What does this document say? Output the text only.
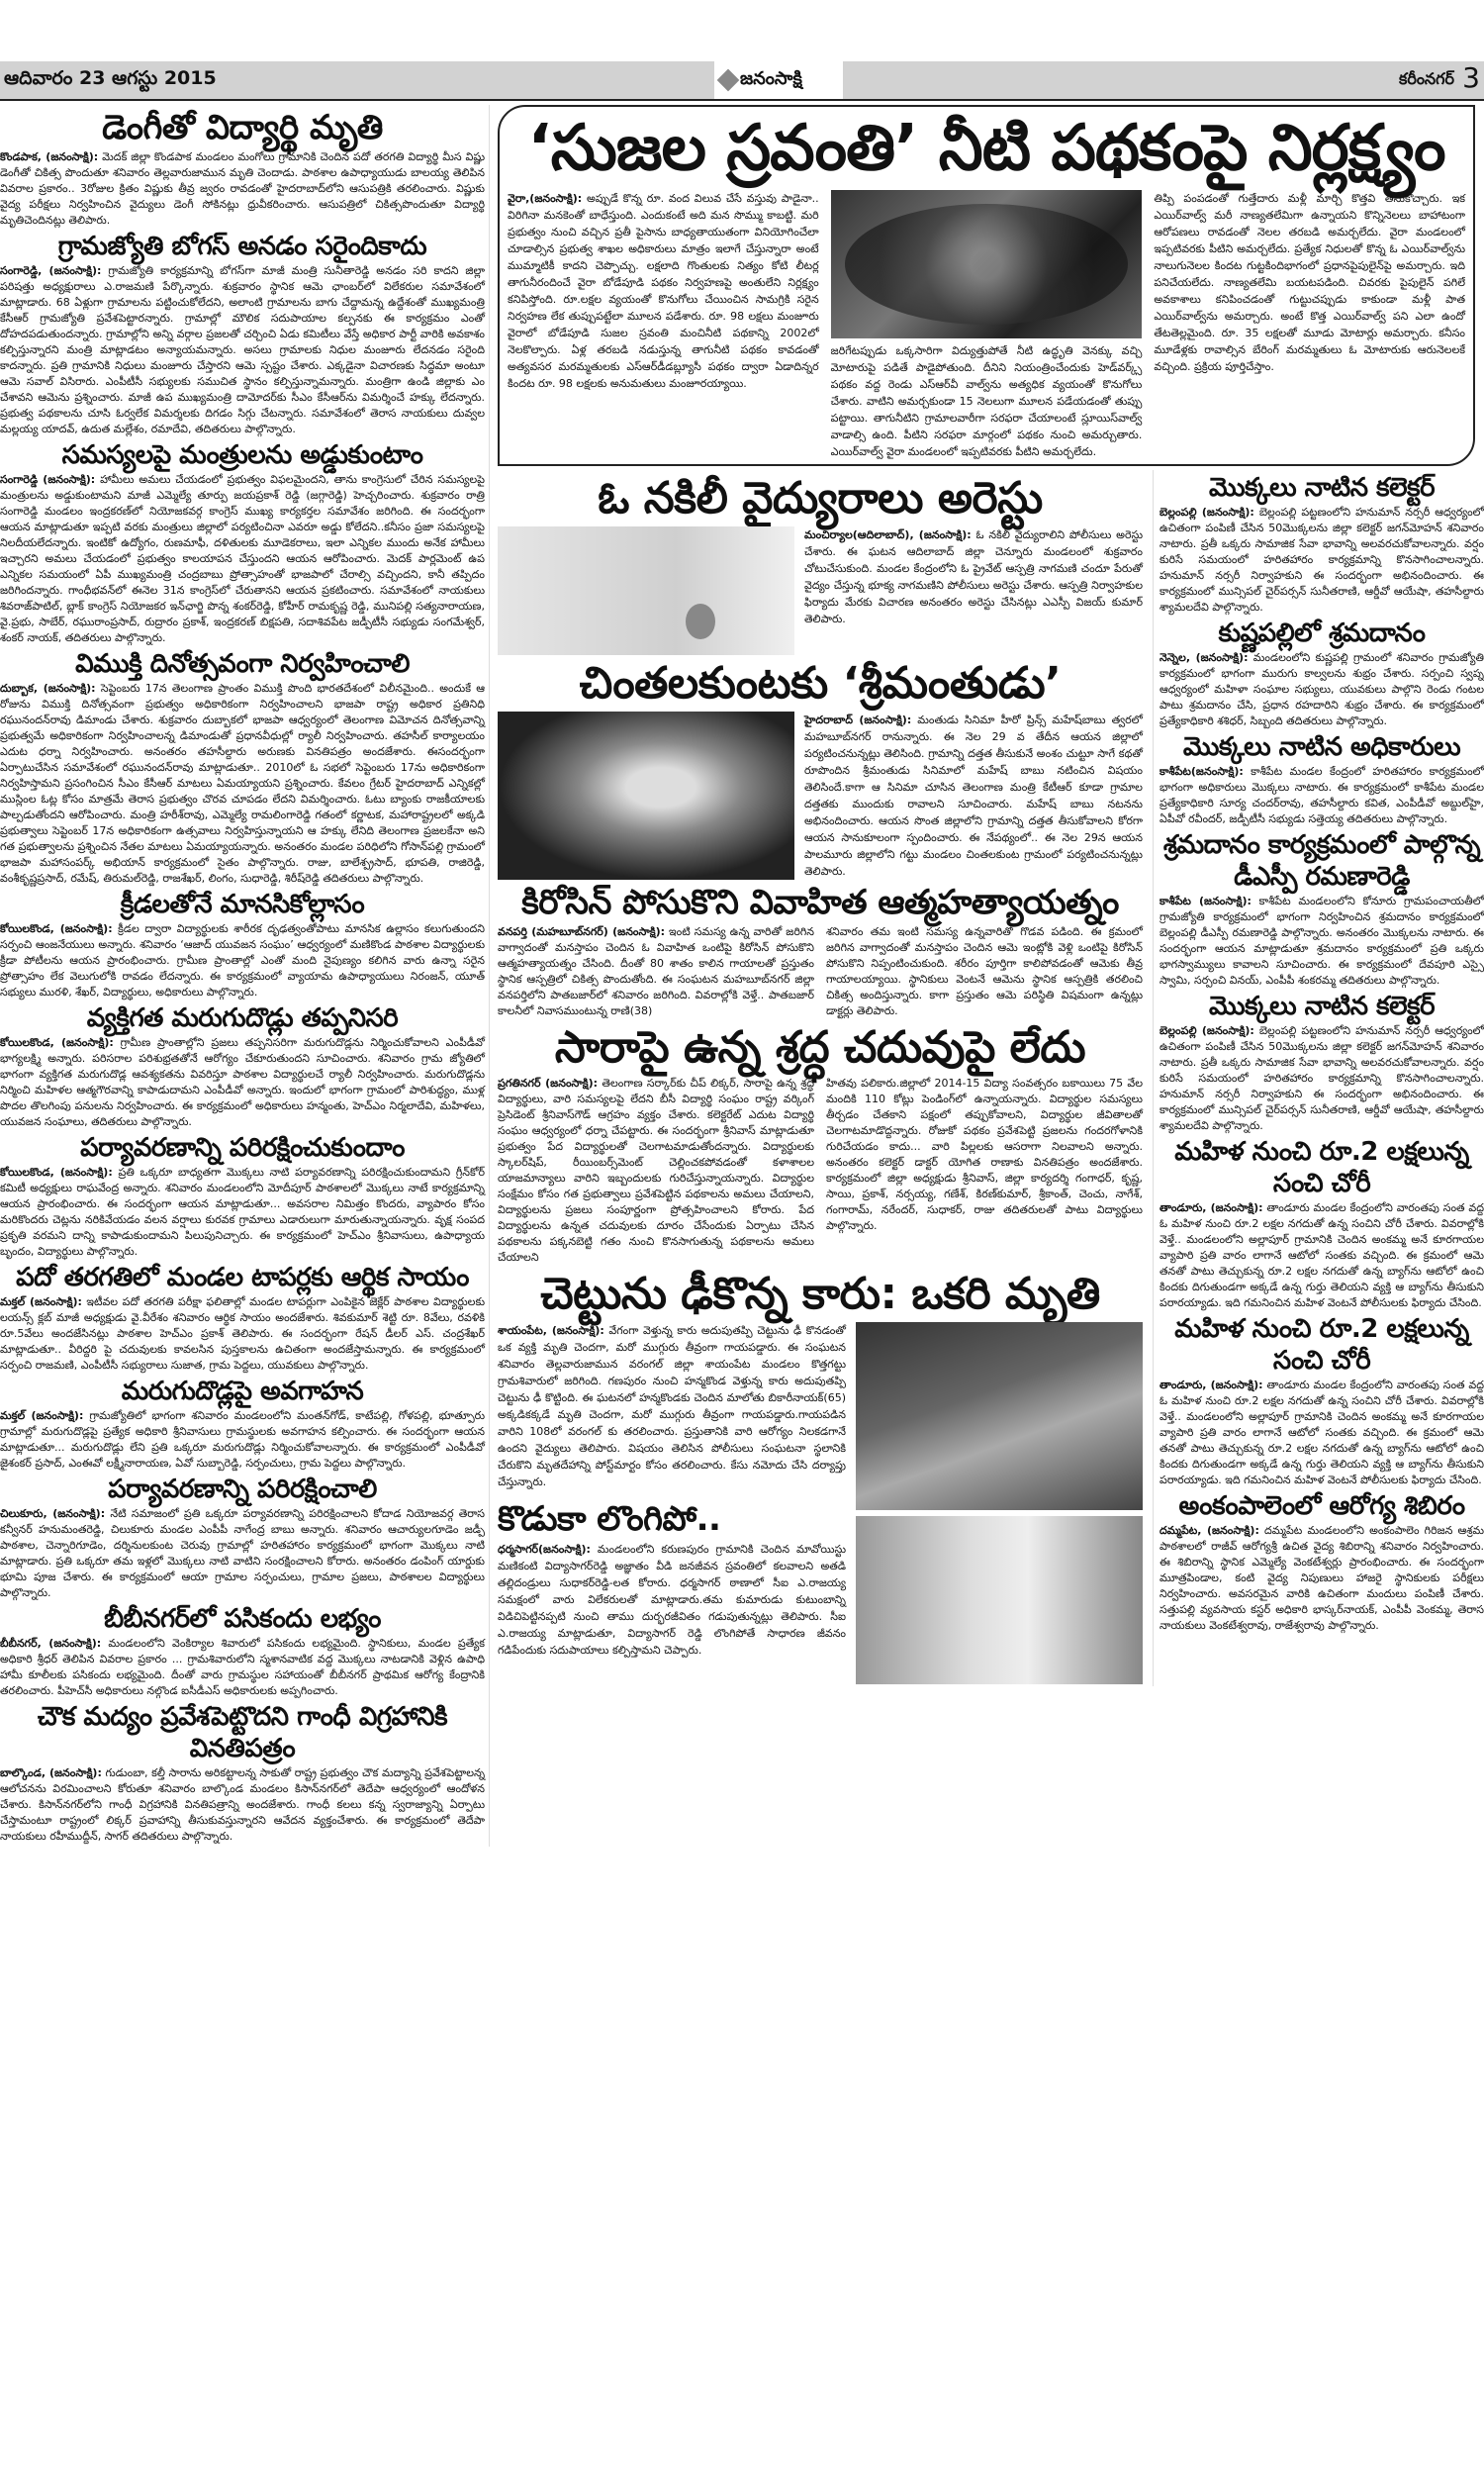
ఆదివారం 23 ఆగస్టు 2015	జనంసాక్షి	కరీంనగర్ 3
డెంగీతో విద్యార్థి మృతి
కొండపాక, (జనంసాక్షి): మెదక్ జిల్లా కొండపాక మండలం మంగోలు గ్రామానికి చెందిన పదో తరగతి విద్యార్థి మీస విష్ణు డెంగీతో చికిత్స పొందుతూ శనివారం తెల్లవారుజామున మృతి చెందాడు. పాఠశాల ఉపాధ్యాయుడు బాలయ్య తెలిపిన వివరాల ప్రకారం.. 3రోజుల క్రితం విష్ణుకు తీవ్ర జ్వరం రావడంతో హైదరాబాద్‌లోని ఆసుపత్రికి తరలించారు. విష్ణుకు వైద్య పరీక్షలు నిర్వహించిన వైద్యులు డెంగీ సోకినట్లు ధ్రువీకరించారు. ఆసుపత్రిలో చికిత్సపొందుతూ విద్యార్థి మృతిచెందినట్లు తెలిపారు.
గ్రామజ్యోతి బోగస్ అనడం సరైందికాదు
సంగారెడ్డి, (జనంసాక్షి): గ్రామజ్యోతి కార్యక్రమాన్ని బోగస్‌గా మాజీ మంత్రి సునీతారెడ్డి అనడం సరి కాదని జిల్లా పరిషత్తు అధ్యక్షురాలు ఎ.రాజమణి పేర్కొన్నారు. శుక్రవారం స్థానిక ఆమె ఛాంబర్‌లో విలేకరుల సమావేశంలో మాట్లాడారు. 68 ఏళ్లుగా గ్రామాలను పట్టించుకోలేదని, అలాంటి గ్రామాలను బాగు చేద్దామన్న ఉద్దేశంతో ముఖ్యమంత్రి కేసీఆర్ గ్రామజ్యోతి ప్రవేశపెట్టారన్నారు. గ్రామాల్లో మౌలిక సదుపాయాల కల్పనకు ఈ కార్యక్రమం ఎంతో దోహదపడుతుందన్నారు. గ్రామాల్లోని అన్ని వర్గాల ప్రజలతో చర్చించి ఏడు కమిటీలు వేస్తే అధికార పార్టీ వారికి అవకాశం కల్పిస్తున్నారని మంత్రి మాట్లాడటం అన్యాయమన్నారు. అసలు గ్రామాలకు నిధుల మంజూరు లేదనడం సరైంది కాదన్నారు. ప్రతి గ్రామానికి నిధులు మంజూరు చేస్తారని ఆమె స్పష్టం చేశారు. ఎక్కడైనా విచారణకు సిద్ధమా అంటూ ఆమె సవాల్ విసిరారు. ఎంపీటీసీ సభ్యులకు సముచిత స్థానం కల్పిస్తున్నామన్నారు. మంత్రిగా ఉండి జిల్లాకు ఎం చేశావని ఆమెను ప్రశ్నించారు. మాజీ ఉప ముఖ్యమంత్రి దామోదర్‌కు సీఎం కేసీఆర్‌ను విమర్శించే హక్కు లేదన్నారు. ప్రభుత్వ పథకాలను చూసి ఓర్వలేక విమర్శలకు దిగడం సిగ్గు చేటన్నారు. సమావేశంలో తెరాస నాయకులు దువ్వల మల్లయ్య యాదవ్, ఉదుత మల్లేశం, రమాదేవి, తదితరులు పాల్గొన్నారు.
సమస్యలపై మంత్రులను అడ్డుకుంటాం
సంగారెడ్డి (జనంసాక్షి): హామీలు అమలు చేయడంలో ప్రభుత్వం విఫలమైందని, తాను కాంగ్రెసులో చేరిన సమస్యలపై మంత్రులను అడ్డుకుంటామని మాజీ ఎమ్మెల్యే తూర్పు జయప్రకాశ్ రెడ్డి (జగ్గారెడ్డి) హెచ్చరించారు. శుక్రవారం రాత్రి సంగారెడ్డి మండలం ఇంద్రకరణ్‌లో నియోజకవర్గ కాంగ్రెస్ ముఖ్య కార్యకర్తల సమావేశం జరిగింది. ఈ సందర్భంగా ఆయన మాట్లాడుతూ ఇప్పటి వరకు మంత్రులు జిల్లాలో పర్యటించినా ఎవరూ అడ్డు కోలేదని..కనీసం ప్రజా సమస్యలపై నిలదీయలేదన్నారు. ఇంటికో ఉద్యోగం, రుణమాఫీ, దళితులకు మూడెకరాలు, ఇలా ఎన్నికల ముందు అనేక హామీలు ఇచ్చారని అమలు చేయడంలో ప్రభుత్వం కాలయాపన చేస్తుందని ఆయన ఆరోపించారు. మెదక్ పార్లమెంట్ ఉప ఎన్నికల సమయంలో ఏపీ ముఖ్యమంత్రి చంద్రబాబు ప్రోత్సాహంతో భాజపాలో చేరాల్సి వచ్చిందని, కానీ తప్పిదం జరిగిందన్నారు. గాంధీభవన్‌లో ఈనెల 31న కాంగ్రెస్‌లో చేరుతానని ఆయన ప్రకటించారు. సమావేశంలో నాయకులు శివరాజ్‌పాటిల్, బ్లాక్ కాంగ్రెస్ నియోజకర ఇన్‌ఛార్జి పొన్న శంకర్‌రెడ్డి, కోహీర్ రామకృష్ణ రెడ్డి, మునిపల్లి సత్యనారాయణ, వై.ప్రభు, సాబేర్, రఘురాంప్రసాద్, రుద్రారం ప్రకాశ్, ఇంద్రకరణ్ బిక్షపతి, సదాశివపేట జడ్పీటీసీ సభ్యుడు సంగమేశ్వర్, శంకర్ నాయక్, తదితరులు పాల్గొన్నారు.
విముక్తి దినోత్సవంగా నిర్వహించాలి
దుబ్బాక, (జనంసాక్షి): సెప్టెంబరు 17న తెలంగాణ ప్రాంతం విముక్తి పొంది భారతదేశంలో విలీనమైంది.. అందుకే ఆ రోజును విముక్తి దినోత్సవంగా ప్రభుత్వం అధికారికంగా నిర్వహించాలని భాజపా రాష్ట్ర అధికార ప్రతినిధి రఘునందన్‌రావు డిమాండు చేశారు. శుక్రవారం దుబ్బాకలో భాజపా ఆధ్వర్యంలో తెలంగాణ విమోచన దినోత్సవాన్ని ప్రభుత్వమే అధికారికంగా నిర్వహించాలన్న డిమాండుతో ప్రధానవీధుల్లో ర్యాలీ నిర్వహించారు. తహసీల్ కార్యాలయం ఎదుట ధర్నా నిర్వహించారు. అనంతరం తహసీల్దారు అరుణకు వినతిపత్రం అందజేశారు. ఈసందర్భంగా ఏర్పాటుచేసిన సమావేశంలో రఘునందన్‌రావు మాట్లాడుతూ.. 2010లో ఓ సభలో సెప్టెంబరు 17ను అధికారికంగా నిర్వహిస్తామని ప్రసంగించిన సీఎం కేసీఆర్ మాటలు ఏమయ్యాయని ప్రశ్నించారు. కేవలం గ్రేటర్ హైదరాబాద్ ఎన్నికల్లో ముస్లింల ఓట్ల కోసం మాత్రమే తెరాస ప్రభుత్వం చొరవ చూపడం లేదని విమర్శించారు. ఓటు బ్యాంకు రాజకీయాలకు పాల్పడుతోందని ఆరోపించారు. మంత్రి హరీశ్‌రావు, ఎమ్మెల్యే రామలింగారెడ్డి గతంలో కర్ణాటక, మహారాష్ట్రలలో అక్కడి ప్రభుత్వాలు సెప్టెంబర్ 17న అధికారికంగా ఉత్సవాలు నిర్వహిస్తున్నాయని ఆ హక్కు లేనిది తెలంగాణ ప్రజలకేనా అని గత ప్రభుత్వాలను ప్రశ్నించిన నేతల మాటలు ఏమయ్యాయన్నారు. అనంతరం మండల పరిధిలోని గోసాన్‌పల్లి గ్రామంలో భాజపా మహాసంపర్క్ అభియాన్ కార్యక్రమంలో సైతం పాల్గొన్నారు. రాజు, బాలేశ్ప్రసాద్, భూపతి, రాజిరెడ్డి, వంశీకృష్ణప్రసాద్, రమేష్, తిరుమల్‌రెడ్డి, రాజశేఖర్, లింగం, సుధారెడ్డి, శిరీష్‌రెడ్డి తదితరులు పాల్గొన్నారు.
క్రీడలతోనే మానసికోల్లాసం
కోయిలకొండ, (జనంసాక్షి): క్రీడల ద్వారా విద్యార్థులకు శారీరక దృఢత్వంతోపాటు మానసిక ఉల్లాసం కలుగుతుందని సర్పంచి ఆంజనేయులు అన్నారు. శనివారం ‘ఆజాద్ యువజన సంఘం’ ఆధ్వర్యంలో మణికొండ పాఠశాల విద్యార్థులకు క్రీడా పోటీలను ఆయన ప్రారంభించారు. గ్రామీణ ప్రాంతాల్లో ఎంతో మంది నైపుణ్యం కలిగిన వారు ఉన్నా సరైన ప్రోత్సాహం లేక వెలుగులోకి రావడం లేదన్నారు. ఈ కార్యక్రమంలో వ్యాయామ ఉపాధ్యాయులు నిరంజన్, యూత్ సభ్యులు మురళి, శేఖర్, విద్యార్థులు, అధికారులు పాల్గొన్నారు.
వ్యక్తిగత మరుగుదొడ్లు తప్పనిసరి
కోయిలకొండ, (జనంసాక్షి): గ్రామీణ ప్రాంతాల్లోని ప్రజలు తప్పనిసరిగా మరుగుదొడ్లను నిర్మించుకోవాలని ఎంపీడీవో భాగ్యలక్ష్మి అన్నారు. పరిసరాల పరిశుభ్రతతోనే ఆరోగ్యం చేకూరుతుందని సూచించారు. శనివారం గ్రామ జ్యోతిలో భాగంగా వ్యక్తిగత మరుగుదొడ్ల ఆవశ్యకతను వివరిస్తూ పాఠశాల విద్యార్థులచే ర్యాలీ నిర్వహించారు. మరుగుదొడ్లను నిర్మించి మహిళల ఆత్మగౌరవాన్ని కాపాడుదామని ఎంపీడీవో అన్నారు. ఇందులో భాగంగా గ్రామంలో పారిశుద్ధ్యం, ముళ్ల పొదల తొలగింపు పనులను నిర్వహించారు. ఈ కార్యక్రమంలో అధికారులు హన్మంతు, హెచ్‌ఎం నిర్మలాదేవి, మహిళలు, యువజన సంఘాలు, తదితరులు పాల్గొన్నారు.
పర్యావరణాన్ని పరిరక్షించుకుందాం
కోయిలకొండ, (జనంసాక్షి): ప్రతి ఒక్కరూ బాధ్యతగా మొక్కలు నాటి పర్యావరణాన్ని పరిరక్షించుకుందామని గ్రీన్‌కోర్ కమిటీ అధ్యక్షులు రాఘవేంద్ర అన్నారు. శనివారం మండలంలోని మోదీపూర్ పాఠశాలలో మొక్కలు నాటే కార్యక్రమాన్ని ఆయన ప్రారంభించారు. ఈ సందర్భంగా ఆయన మాట్లాడుతూ... అవసరాల నిమిత్తం కొందరు, వ్యాపారం కోసం మరికొందరు చెట్లను నరికివేయడం వలన వర్షాలు కురవక గ్రామాలు ఎడారులుగా మారుతున్నాయన్నారు. వృక్ష సంపద ప్రకృతి వరమని దాన్ని కాపాడుకుందామని పిలుపునిచ్చారు. ఈ కార్యక్రమంలో హెచ్‌ఎం శ్రీనివాసులు, ఉపాధ్యాయ బృందం, విద్యార్థులు పాల్గొన్నారు.
పదో తరగతిలో మండల టాపర్లకు ఆర్థిక సాయం
మక్తల్ (జనంసాక్షి): ఇటీవల పదో తరగతి పరీక్షా ఫలితాల్లో మండల టాపర్లుగా ఎంపికైన జెక్లేర్ పాఠశాల విద్యార్థులకు లయన్స్ క్లబ్ మాజీ అధ్యక్షుడు వై.వీరేశం శనివారం ఆర్థిక సాయం అందజేశారు. శివకుమార్ శెట్టి రూ. 8వేలు, రవళికి రూ.5వేలు అందజేసినట్లు పాఠశాల హెచ్‌ఎం ప్రకాశ్ తెలిపారు. ఈ సందర్భంగా రేషన్ డీలర్ ఎస్. చంద్రశేఖర్ మాట్లాడుతూ.. వీరిద్దరి పై చదువులకు కావలసిన పుస్తకాలను ఉచితంగా అందజేస్తామన్నారు. ఈ కార్యక్రమంలో సర్పంచి రాజమణి, ఎంపీటీసీ సభ్యురాలు సుజాత, గ్రామ పెద్దలు, యువకులు పాల్గొన్నారు.
మరుగుదొడ్లపై అవగాహన
మక్తల్ (జనంసాక్షి): గ్రామజ్యోతిలో భాగంగా శనివారం మండలంలోని మంతన్‌గోడ్, కాటేపల్లి, గోళపల్లి, భూత్పూరు గ్రామాల్లో మరుగుదొడ్లపై ప్రత్యేక అధికారి శ్రీనివాసులు గ్రామస్థులకు అవగాహన కల్పించారు. ఈ సందర్భంగా ఆయన మాట్లాడుతూ... మరుగుదొడ్లు లేని ప్రతి ఒక్కరూ మరుగుదొడ్లు నిర్మించుకోవాలన్నారు. ఈ కార్యక్రమంలో ఎంపీడీవో జైశంకర్ ప్రసాద్, ఎంఈవో లక్ష్మీనారాయణ, ఏవో సుబ్బారెడ్డి, సర్పంచులు, గ్రామ పెద్దలు పాల్గొన్నారు.
పర్యావరణాన్ని పరిరక్షించాలి
చిలుకూరు, (జనంసాక్షి): నేటి సమాజంలో ప్రతి ఒక్కరూ పర్యావరణాన్ని పరిరక్షించాలని కోదాడ నియోజవర్గ తెరాస కన్వీనర్ హనుమంతరెడ్డి, చిలుకూరు మండల ఎంపీపీ నాగేంద్ర బాబు అన్నారు. శనివారం ఆచార్యులగూడెం జడ్పీ పాఠశాల, చెన్నారిగూడెం, దర్శినులకుంట చెరువు గ్రామాల్లో హరితహారం కార్యక్రమంలో భాగంగా మొక్కలు నాటి మాట్లాడారు. ప్రతి ఒక్కరూ తమ ఇళ్లలో మొక్కలు నాటి వాటిని సంరక్షించాలని కోరారు. అనంతరం డంపింగ్ యార్డుకు భూమి పూజ చేశారు. ఈ కార్యక్రమంలో ఆయా గ్రామాల సర్పంచులు, గ్రామాల ప్రజలు, పాఠశాలల విద్యార్థులు పాల్గొన్నారు.
బీబీనగర్‌లో పసికందు లభ్యం
బీబీనగర్, (జనంసాక్షి): మండలంలోని వెంకిర్యాల శివారులో పసికందు లభ్యమైంది. స్థానికులు, మండల ప్రత్యేక అధికారి శ్రీధర్ తెలిపిన వివరాల ప్రకారం ... గ్రామశివారులోని స్మశానవాటిక వద్ద మొక్కలు నాటడానికి వెళ్లిన ఉపాధి హామీ కూలీలకు పసికందు లభ్యమైంది. దీంతో వారు గ్రామస్థుల సహాయంతో బీబీనగర్ ప్రాథమిక ఆరోగ్య కేంద్రానికి తరలించారు. పీహెచ్‌సీ అధికారులు నల్గొండ ఐసీడీఎస్ అధికారులకు అప్పగించారు.
చౌక మద్యం ప్రవేశపెట్టొదని గాంధీ విగ్రహానికి వినతిపత్రం
బాల్కొండ, (జనంసాక్షి): గుడుంబా, కల్తీ సారాను అరికట్టాలన్న సాకుతో రాష్ట్ర ప్రభుత్వం చౌక మద్యాన్ని ప్రవేశపెట్టాలన్న ఆలోచనను విరమించాలని కోరుతూ శనివారం బాల్కొండ మండలం కిసాన్‌నగర్‌లో తెదేపా ఆధ్వర్యంలో ఆందోళన చేశారు. కిసాన్‌నగర్‌లోని గాంధీ విగ్రహానికి వినతిపత్రాన్ని అందజేశారు. గాంధీ కలలు కన్న స్వరాజ్యాన్ని ఏర్పాటు చేస్తామంటూ రాష్ట్రంలో లిక్కర్ ప్రవాహాన్ని తీసుకువస్తున్నారని ఆవేదన వ్యక్తంచేశారు. ఈ కార్యక్రమంలో తెదేపా నాయకులు రహీముద్దీన్, సాగర్ తదితరులు పాల్గొన్నారు.
‘సుజల స్రవంతి’ నీటి పథకంపై నిర్లక్ష్యం
వైరా,(జనంసాక్షి): అప్పుడే కొన్న రూ. వంద విలువ చేసే వస్తువు పాడైనా.. విరిగినా మనకెంతో బాధేస్తుంది. ఎందుకంటే అది మన సొమ్ము కాబట్టి. మరి ప్రభుత్వం నుంచి వచ్చిన ప్రతీ పైసాను బాధ్యతాయుతంగా వినియోగించేలా చూడాల్సిన ప్రభుత్వ శాఖల అధికారులు మాత్రం ఇలాగే చేస్తున్నారా అంటే ముమ్మాటికీ కాదని చెప్పొచ్చు. లక్షలాది గొంతులకు నిత్యం కోటి లీటర్ల తాగునీరందించే వైరా బోడేపూడి పథకం నిర్వహణపై అంతులేని నిర్లక్ష్యం కనిపిస్తోంది. రూ.లక్షల వ్యయంతో కొనుగోలు చేయించిన సామగ్రికి సరైన నిర్వహణ లేక తుప్పుపట్టేలా మూలన పడేశారు. రూ. 98 లక్షలు మంజూరు వైరాలో బోడేపూడి సుజల స్రవంతి మంచినీటి పథకాన్ని 2002లో నెలకొల్పారు. ఏళ్ల తరబడి నడుస్తున్న తాగునీటి పథకం కావడంతో అత్యవసర మరమ్మతులకు ఎస్‌ఆర్‌డీడబ్ల్యూసీ పథకం ద్వారా ఏడాదిన్నర కిందట రూ. 98 లక్షలకు అనుమతులు మంజూరయ్యాయి.
జరిగేటప్పుడు ఒక్కసారిగా విద్యుత్తుపోతే నీటి ఉద్ధృతి వెనక్కు వచ్చి మోటారుపై పడితే పాడైపోతుంది. దీనిని నియంత్రించేందుకు హెడ్‌వర్క్స్ పథకం వద్ద రెండు ఎస్‌ఆర్‌వీ వాల్వ్‌ను అత్యధిక వ్యయంతో కొనుగోలు చేశారు. వాటిని అమర్చకుండా 15 నెలలుగా మూలన పడేయడంతో తుప్పు పట్టాయి. తాగునీటిని గ్రామాలవారీగా సరఫరా చేయాలంటే స్లూయిస్‌వాల్వ్ వాడాల్సి ఉంది. పీటిని సరఫరా మార్గంలో పథకం నుంచి అమర్చుతారు. ఎయిర్‌వాల్వ్ వైరా మండలంలో ఇప్పటివరకు పీటిని అమర్చలేదు.
తిప్పి పంపడంతో గుత్తేదారు మళ్లీ మార్చి కొత్తవి తీసుకొచ్చారు. ఇక ఎయిర్‌వాల్వ్ మరీ నాణ్యతలేమిగా ఉన్నాయని కొన్నినెలలు బాహాటంగా ఆరోపణలు రావడంతో నెలల తరబడి అమర్చలేదు. వైరా మండలంలో ఇప్పటివరకు పీటిని అమర్చలేదు. ప్రత్యేక నిధులతో కొన్న ఓ ఎయిర్‌వాల్వ్‌ను నాలుగునెలల కిందట గుట్టకిందిభాగంలో ప్రధానపైపులైన్‌పై అమర్చారు. ఇది పనిచేయలేదు. నాణ్యతలేమి బయటపడింది. చివరకు పైపులైన్ పగిలే అవకాశాలు కనిపించడంతో గుట్టుచప్పుడు కాకుండా మళ్లీ పాత ఎయిర్‌వాల్వ్‌ను అమర్చారు. అంటే కొత్త ఎయిర్‌వాల్వ్ పని ఎలా ఉందో తేటతెల్లమైంది. రూ. 35 లక్షలతో మూడు మోటార్లు అమర్చారు. కనీసం మూడేళ్లకు రావాల్సిన బేరింగ్ మరమ్మతులు ఓ మోటారుకు ఆరునెలలకే వచ్చింది. ప్రక్రియ పూర్తిచేస్తాం.
ఓ నకిలీ వైద్యురాలు అరెస్టు
మంచిర్యాల(ఆదిలాబాద్), (జనంసాక్షి): ఓ నకిలీ వైద్యురాలిని పోలీసులు అరెస్టు చేశారు. ఈ ఘటన ఆదిలాబాద్ జిల్లా చెన్నూరు మండలంలో శుక్రవారం చోటుచేసుకుంది. మండల కేంద్రంలోని ఓ ప్రైవేట్ ఆస్పత్రి నాగమణి చందూ పేరుతో వైద్యం చేస్తున్న భూక్య నాగమణిని పోలీసులు అరెస్టు చేశారు. ఆస్పత్రి నిర్వాహకుల ఫిర్యాదు మేరకు విచారణ అనంతరం అరెస్టు చేసినట్లు ఎఎస్పీ విజయ్ కుమార్ తెలిపారు.
చింతలకుంటకు ‘శ్రీమంతుడు’
హైదరాబాద్ (జనంసాక్షి): మంతుడు సినిమా హీరో ప్రిన్స్ మహేష్‌బాబు త్వరలో మహబూబ్‌నగర్ రానున్నారు. ఈ నెల 29 వ తేదీన ఆయన జిల్లాలో పర్యటించనున్నట్లు తెలిసింది. గ్రామాన్ని దత్తత తీసుకునే అంశం చుట్టూ సాగే కథతో రూపొందిన శ్రీమంతుడు సినిమాలో మహేష్ బాబు నటించిన విషయం తెలిసిందే.కాగా ఆ సినిమా చూసిన తెలంగాణ మంత్రి కేటీఆర్ కూడా గ్రామాల దత్తతకు ముందుకు రావాలని సూచించారు. మహేష్ బాబు నటనను అభినందించారు. ఆయన సొంత జిల్లాలోని గ్రామాన్ని దత్తత తీసుకోవాలని కోరగా ఆయన సానుకూలంగా స్పందించారు. ఈ నేపథ్యంలో.. ఈ నెల 29న ఆయన పాలమూరు జిల్లాలోని గట్టు మండలం చింతలకుంట గ్రామంలో పర్యటించనున్నట్లు తెలిపారు.
కిరోసిన్ పోసుకొని వివాహిత ఆత్మహత్యాయత్నం
వనపర్తి (మహబూబ్‌నగర్) (జనంసాక్షి): ఇంటి సమస్య ఉన్న వారితో జరిగిన వాగ్వాదంతో మనస్తాపం చెందిన ఓ వివాహిత ఒంటిపై కిరోసిన్ పోసుకొని ఆత్మహత్యాయత్నం చేసింది. దీంతో 80 శాతం కాలిన గాయాలతో ప్రస్తుతం స్థానిక ఆస్పత్రిలో చికిత్స పొందుతోంది. ఈ సంఘటన మహబూబ్‌నగర్ జిల్లా వనపర్తిలోని పాతబజార్‌లో శనివారం జరిగింది. వివరాల్లోకి వెళ్తే.. పాతబజార్ కాలనీలో నివాసముంటున్న రాణి(38)
శనివారం తమ ఇంటి సమస్య ఉన్నవారితో గొడవ పడింది. ఈ క్రమంలో జరిగిన వాగ్వాదంతో మనస్తాపం చెందిన ఆమె ఇంట్లోకి వెళ్లి ఒంటిపై కిరోసిన్ పోసుకొని నిప్పంటించుకుంది. శరీరం పూర్తిగా కాలిపోవడంతో ఆమెకు తీవ్ర గాయాలయ్యాయి. స్థానికులు వెంటనే ఆమెను స్థానిక ఆస్పత్రికి తరలించి చికిత్స అందిస్తున్నారు. కాగా ప్రస్తుతం ఆమె పరిస్థితి విషమంగా ఉన్నట్లు డాక్టర్లు తెలిపారు.
సారాపై ఉన్న శ్రద్ధ చదువుపై లేదు
ప్రగతినగర్ (జనంసాక్షి): తెలంగాణ సర్కార్‌కు చీప్ లిక్కర్, సారాపై ఉన్న శ్రద్ధ విద్యార్థులు, వారి సమస్యలపై లేదని బీసీ విద్యార్థి సంఘం రాష్ట్ర వర్కింగ్ ప్రెసిడెంట్ శ్రీనివాస్‌గౌడ్ ఆగ్రహం వ్యక్తం చేశారు. కలెక్టరేట్ ఎదుట విద్యార్థి సంఘం ఆధ్వర్యంలో ధర్నా చేపట్టారు. ఈ సందర్భంగా శ్రీనివాస్ మాట్లాడుతూ ప్రభుత్వం పేద విద్యార్థులతో చెలగాటమాడుతోందన్నారు. విద్యార్థులకు స్కాలర్‌షిప్, రీయింబర్స్‌మెంట్ చెల్లించకపోవడంతో కళాశాలల యాజమాన్యాలు వారిని ఇబ్బందులకు గురిచేస్తున్నాయన్నారు. విద్యార్థుల సంక్షేమం కోసం గత ప్రభుత్వాలు ప్రవేశపెట్టిన పథకాలను అమలు చేయాలని, విద్యార్థులను ప్రజలు సంపూర్ణంగా ప్రోత్సహించాలని కోరారు. పేద విద్యార్థులను ఉన్నత చదువులకు దూరం చేసేందుకు ఏర్పాటు చేసిన పథకాలను పక్కనబెట్టి గతం నుంచి కొనసాగుతున్న పథకాలను అమలు చేయాలని
హితవు పలికారు.జిల్లాలో 2014-15 విద్యా సంవత్సరం బకాయిలు 75 వేల మందికి 110 కోట్లు పెండింగ్‌లో ఉన్నాయన్నారు. విద్యార్థుల సమస్యలు తీర్చడం చేతకాని పక్షంలో తప్పుకోవాలని, విద్యార్థుల జీవితాలతో చెలగాటమాడొద్దన్నారు. రోజుకో పథకం ప్రవేశపెట్టి ప్రజలను గందరగోళానికి గురిచేయడం కాదు... వారి పిల్లలకు ఆసరాగా నిలవాలని అన్నారు. అనంతరం కలెక్టర్ డాక్టర్ యోగిత రాణాకు వినతిపత్రం అందజేశారు. కార్యక్రమంలో జిల్లా అధ్యక్షుడు శ్రీనివాస్, జిల్లా కార్యదర్శి గంగాధర్, కృష్ణ, సాయి, ప్రకాశ్, నర్సయ్య, గణేశ్, కిరణ్‌కుమార్, శ్రీకాంత్, చెంచు, నాగేశ్, గంగారామ్, నరేందర్, సుధాకర్, రాజు తదితరులతో పాటు విద్యార్థులు పాల్గొన్నారు.
చెట్టును ఢీకొన్న కారు: ఒకరి మృతి
శాయంపేట, (జనంసాక్షి): వేగంగా వెళ్తున్న కారు అదుపుతప్పి చెట్టును ఢీ కొనడంతో ఒక వ్యక్తి మృతి చెందగా, మరో ముగ్గురు తీవ్రంగా గాయపడ్డారు. ఈ సంఘటన శనివారం తెల్లవారుజామున వరంగల్ జిల్లా శాయంపేట మండలం కొత్తగట్టు గ్రామశివారులో జరిగింది. గణపురం నుంచి హన్మకొండ వెళ్తున్న కారు అదుపుతప్పి చెట్టును ఢీ కొట్టింది. ఈ ఘటనలో హన్మకొండకు చెందిన మాలోతు బికారీనాయక్(65) అక్కడికక్కడే మృతి చెందగా, మరో ముగ్గురు తీవ్రంగా గాయపడ్డారు.గాయపడిన వారిని 108లో వరంగల్ కు తరలించారు. ప్రస్తుతానికి వారి ఆరోగ్యం నిలకడగానే ఉందని వైద్యులు తెలిపారు. విషయం తెలిసిన పోలీసులు సంఘటనా స్థలానికి చేరుకొని మృతదేహాన్ని పోస్ట్‌మార్టం కోసం తరలించారు. కేసు నమోదు చేసి దర్యాప్తు చేస్తున్నారు.
కొడుకా లొంగిపో..
ధర్మసాగర్(జనంసాక్షి): మండలంలోని కరుణపురం గ్రామానికి చెందిన మావోయిస్టు మణికంటి విద్యాసాగర్‌రెడ్డి అజ్ఞాతం వీడి జనజీవన స్రవంతిలో కలవాలని అతడి తల్లిదండ్రులు సుధాకర్‌రెడ్డి-లత కోరారు. ధర్మసాగర్ ఠాణాలో సీఐ ఎ.రాజయ్య సమక్షంలో వారు విలేకరులతో మాట్లాడారు.తమ కుమారుడు కుటుంబాన్ని విడిచిపెట్టినప్పటి నుంచి తాము దుర్భరజీవితం గడుపుతున్నట్లు తెలిపారు. సీఐ ఎ.రాజయ్య మాట్లాడుతూ, విద్యాసాగర్ రెడ్డి లొంగిపోతే సాధారణ జీవనం గడిపేందుకు సదుపాయాలు కల్పిస్తామని చెప్పారు.
మొక్కలు నాటిన కలెక్టర్
బెల్లంపల్లి (జనంసాక్షి): బెల్లంపల్లి పట్టణంలోని హనుమాన్ నర్సరీ ఆధ్వర్యంలో ఉచితంగా పంపిణీ చేసిన 50మొక్కలను జిల్లా కలెక్టర్ జగన్‌మోహన్ శనివారం నాటారు. ప్రతీ ఒక్కరు సామాజిక సేవా భావాన్ని అలవరచుకోవాలన్నారు. వర్షం కురిసే సమయంలో హరితహారం కార్యక్రమాన్ని కొనసాగించాలన్నారు. హనుమాన్ నర్సరీ నిర్వాహకుని ఈ సందర్భంగా అభినందించారు. ఈ కార్యక్రమంలో మున్సిపల్ చైర్‌పర్సన్ సునీతరాణి, ఆర్డీవో ఆయేషా, తహసీల్దారు శ్యామలదేవి పాల్గొన్నారు.
కుష్ణపల్లిలో శ్రమదానం
నెన్నెల, (జనంసాక్షి): మండలంలోని కుష్ణపల్లి గ్రామంలో శనివారం గ్రామజ్యోతి కార్యక్రమంలో భాగంగా మురుగు కాల్వలను శుభ్రం చేశారు. సర్పంచి స్వప్న ఆధ్వర్యంలో మహిళా సంఘాల సభ్యులు, యువకులు పాల్గొని రెండు గంటల పాటు శ్రమదానం చేసి, ప్రధాన రహదారిని శుభ్రం చేశారు. ఈ కార్యక్రమంలో ప్రత్యేకాధికారి శశిధర్, సిబ్బంది తదితరులు పాల్గొన్నారు.
మొక్కలు నాటిన అధికారులు
కాశీపేట(జనంసాక్షి): కాశీపేట మండల కేంద్రంలో హరితహారం కార్యక్రమంలో భాగంగా అధికారులు మొక్కలు నాటారు. ఈ కార్యక్రమంలో కాశీపేట మండల ప్రత్యేకాధికారి సూర్య చందర్‌రావు, తహసీల్దారు కవిత, ఎంపీడీవో అబ్దుల్‌హై, ఏపీవో రవీందర్, జడ్పీటీసీ సభ్యుడు సత్తెయ్య తదితరులు పాల్గొన్నారు.
శ్రమదానం కార్యక్రమంలో పాల్గొన్న డీఎస్పీ రమణారెడ్డి
కాశీపేట (జనంసాక్షి): కాశీపేట మండలంలోని కోనూరు గ్రామపంచాయతీలో గ్రామజ్యోతి కార్యక్రమంలో భాగంగా నిర్వహించిన శ్రమదానం కార్యక్రమంలో బెల్లంపల్లి డీఎస్పీ రమణారెడ్డి పాల్గొన్నారు. అనంతరం మొక్కలను నాటారు. ఈ సందర్భంగా ఆయన మాట్లాడుతూ శ్రమదానం కార్యక్రమంలో ప్రతి ఒక్కరు భాగస్వామ్యులు కావాలని సూచించారు. ఈ కార్యక్రమంలో దేవపూరి ఎస్సై స్వామి, సర్పంచి వినయ్, ఎంపీపీ శంకరమ్మ తదితరులు పాల్గొన్నారు.
మొక్కలు నాటిన కలెక్టర్
బెల్లంపల్లి (జనంసాక్షి): బెల్లంపల్లి పట్టణంలోని హనుమాన్ నర్సరీ ఆధ్వర్యంలో ఉచితంగా పంపిణీ చేసిన 50మొక్కలను జిల్లా కలెక్టర్ జగన్‌మోహన్ శనివారం నాటారు. ప్రతీ ఒక్కరు సామాజిక సేవా భావాన్ని అలవరచుకోవాలన్నారు. వర్షం కురిసే సమయంలో హరితహారం కార్యక్రమాన్ని కొనసాగించాలన్నారు. హనుమాన్ నర్సరీ నిర్వాహకుని ఈ సందర్భంగా అభినందించారు. ఈ కార్యక్రమంలో మున్సిపల్ చైర్‌పర్సన్ సునీతరాణి, ఆర్డీవో ఆయేషా, తహసీల్దారు శ్యామలదేవి పాల్గొన్నారు.
మహిళ నుంచి రూ.2 లక్షలున్న సంచి చోరీ
తాండూరు, (జనంసాక్షి): తాండూరు మండల కేంద్రంలోని వారంతపు సంత వద్ద ఓ మహిళ నుంచి రూ.2 లక్షల నగదుతో ఉన్న సంచిని చోరీ చేశారు. వివరాల్లోకి వెళ్తే.. మండలంలోని అల్లాపూర్ గ్రామానికి చెందిన అంకమ్మ అనే కూరగాయల వ్యాపారి ప్రతి వారం లాగానే ఆటోలో సంతకు వచ్చింది. ఈ క్రమంలో ఆమె తనతో పాటు తెచ్చుకున్న రూ.2 లక్షల నగదుతో ఉన్న బ్యాగ్‌ను ఆటోలో ఉంచి కిందకు దిగుతుండగా అక్కడే ఉన్న గుర్తు తెలియని వ్యక్తి ఆ బ్యాగ్‌ను తీసుకుని పరారయ్యాడు. ఇది గమనించిన మహిళ వెంటనే పోలీసులకు ఫిర్యాదు చేసింది.
మహిళ నుంచి రూ.2 లక్షలున్న సంచి చోరీ
తాండూరు, (జనంసాక్షి): తాండూరు మండల కేంద్రంలోని వారంతపు సంత వద్ద ఓ మహిళ నుంచి రూ.2 లక్షల నగదుతో ఉన్న సంచిని చోరీ చేశారు. వివరాల్లోకి వెళ్తే.. మండలంలోని అల్లాపూర్ గ్రామానికి చెందిన అంకమ్మ అనే కూరగాయల వ్యాపారి ప్రతి వారం లాగానే ఆటోలో సంతకు వచ్చింది. ఈ క్రమంలో ఆమె తనతో పాటు తెచ్చుకున్న రూ.2 లక్షల నగదుతో ఉన్న బ్యాగ్‌ను ఆటోలో ఉంచి కిందకు దిగుతుండగా అక్కడే ఉన్న గుర్తు తెలియని వ్యక్తి ఆ బ్యాగ్‌ను తీసుకుని పరారయ్యాడు. ఇది గమనించిన మహిళ వెంటనే పోలీసులకు ఫిర్యాదు చేసింది.
అంకంపాలెంలో ఆరోగ్య శిబిరం
దమ్మపేట, (జనంసాక్షి): దమ్మపేట మండలంలోని అంకంపాలెం గిరిజన ఆశ్రమ పాఠశాలలో రాజీవ్ ఆరోగ్యశ్రీ ఉచిత వైద్య శిబిరాన్ని శనివారం నిర్వహించారు. ఈ శిబిరాన్ని స్థానిక ఎమ్మెల్యే వెంకటేశ్వర్లు ప్రారంభించారు. ఈ సందర్భంగా మూత్రపిండాల, కంటి వైద్య నిపుణులు హాజరై స్థానికులకు పరీక్షలు నిర్వహించారు. అవసరమైన వారికి ఉచితంగా మందులు పంపిణీ చేశారు. సత్తుపల్లి వ్యవసాయ కస్టర్ అధికారి భాస్కర్‌నాయక్, ఎంపీపీ వెంకమ్మ, తెరాస నాయకులు వెంకటేశ్వరావు, రాజేశ్వరావు పాల్గొన్నారు.
